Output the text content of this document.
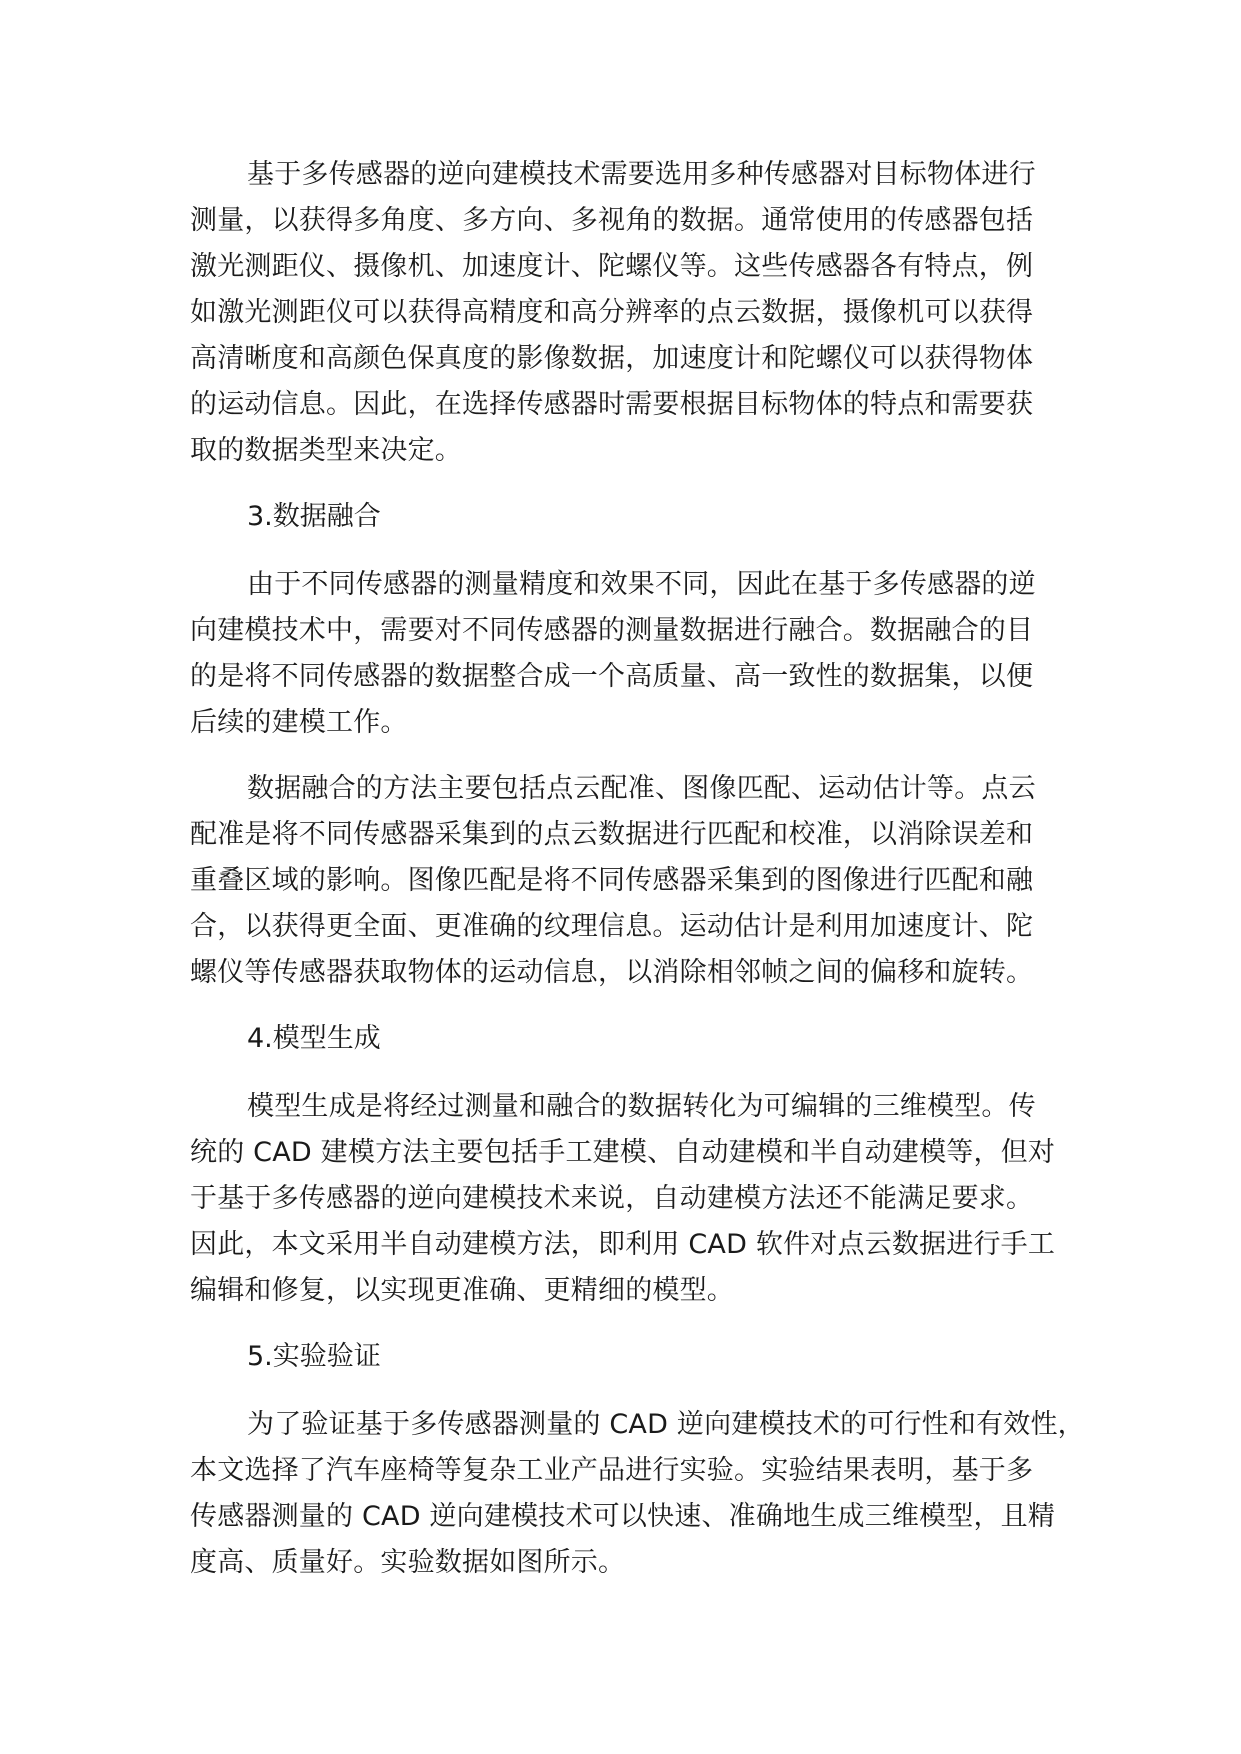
基于多传感器的逆向建模技术需要选用多种传感器对目标物体进行
测量，以获得多角度、多方向、多视角的数据。通常使用的传感器包括
激光测距仪、摄像机、加速度计、陀螺仪等。这些传感器各有特点，例
如激光测距仪可以获得高精度和高分辨率的点云数据，摄像机可以获得
高清晰度和高颜色保真度的影像数据，加速度计和陀螺仪可以获得物体
的运动信息。因此，在选择传感器时需要根据目标物体的特点和需要获
取的数据类型来决定。
3.数据融合
由于不同传感器的测量精度和效果不同，因此在基于多传感器的逆
向建模技术中，需要对不同传感器的测量数据进行融合。数据融合的目
的是将不同传感器的数据整合成一个高质量、高一致性的数据集，以便
后续的建模工作。
数据融合的方法主要包括点云配准、图像匹配、运动估计等。点云
配准是将不同传感器采集到的点云数据进行匹配和校准，以消除误差和
重叠区域的影响。图像匹配是将不同传感器采集到的图像进行匹配和融
合，以获得更全面、更准确的纹理信息。运动估计是利用加速度计、陀
螺仪等传感器获取物体的运动信息，以消除相邻帧之间的偏移和旋转。
4.模型生成
模型生成是将经过测量和融合的数据转化为可编辑的三维模型。传
统的 CAD 建模方法主要包括手工建模、自动建模和半自动建模等，但对
于基于多传感器的逆向建模技术来说，自动建模方法还不能满足要求。
因此，本文采用半自动建模方法，即利用 CAD 软件对点云数据进行手工
编辑和修复，以实现更准确、更精细的模型。
5.实验验证
为了验证基于多传感器测量的 CAD 逆向建模技术的可行性和有效性，
本文选择了汽车座椅等复杂工业产品进行实验。实验结果表明，基于多
传感器测量的 CAD 逆向建模技术可以快速、准确地生成三维模型，且精
度高、质量好。实验数据如图所示。
